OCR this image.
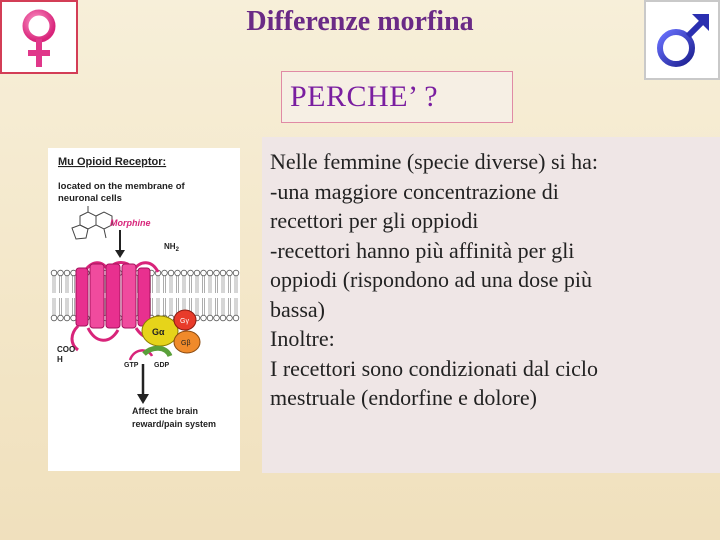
Differenze morfina
PERCHE’ ?
Mu Opioid Receptor:
located on the membrane of
neuronal cells
Morphine
$NH_2$
Gα
Gγ
Gβ
COO
H
GTP GDP
Affect the brain
reward/pain system

Nelle femmine (specie diverse) si ha:

-una maggiore concentrazione di

recettori per gli oppiodi

-recettori hanno più affinità per gli

oppiodi (rispondono ad una dose più

bassa)

Inoltre:

I recettori sono condizionati dal ciclo

mestruale (endorfine e dolore)
